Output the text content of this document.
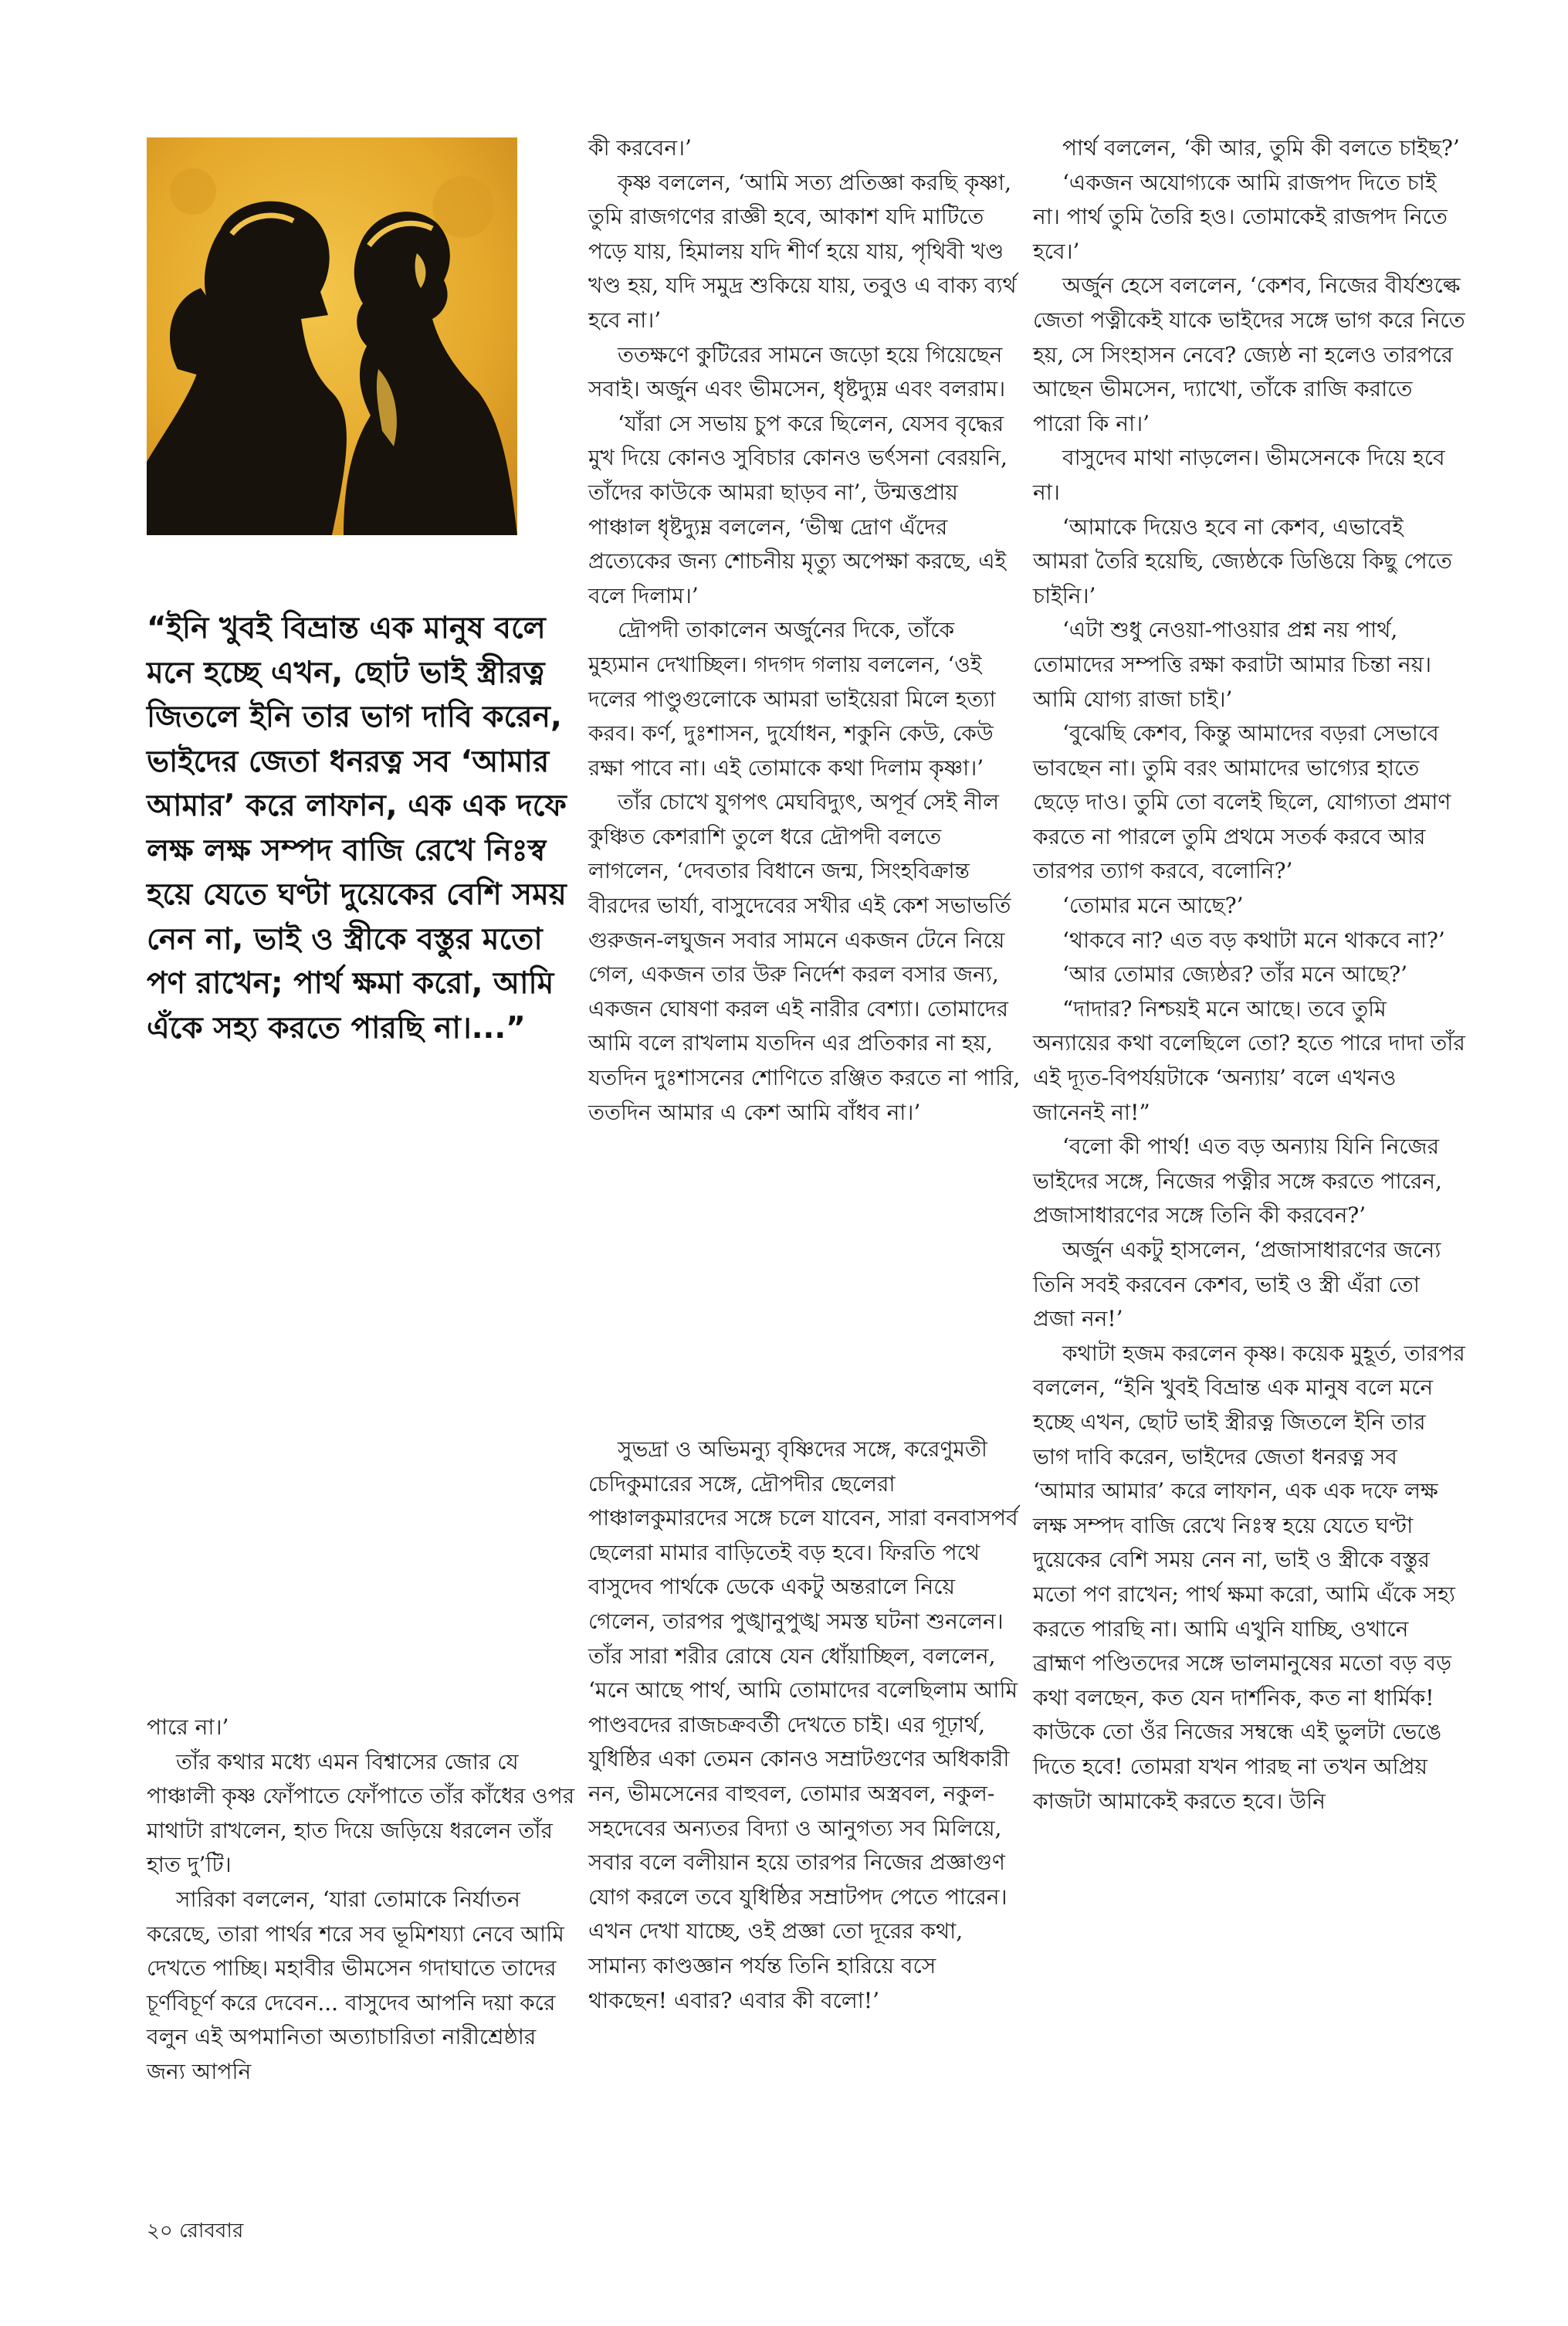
“ইনি খুবই বিভ্রান্ত এক মানুষ বলে মনে হচ্ছে এখন, ছোট ভাই স্ত্রীরত্ন জিতলে ইনি তার ভাগ দাবি করেন, ভাইদের জেতা ধনরত্ন সব ‘আমার আমার’ করে লাফান, এক এক দফে লক্ষ লক্ষ সম্পদ বাজি রেখে নিঃস্ব হয়ে যেতে ঘণ্টা দুয়েকের বেশি সময় নেন না, ভাই ও স্ত্রীকে বস্তুর মতো পণ রাখেন; পার্থ ক্ষমা করো, আমি এঁকে সহ্য করতে পারছি না।...”

পারে না।’

তাঁর কথার মধ্যে এমন বিশ্বাসের জোর যে পাঞ্চালী কৃষ্ণ ফোঁপাতে ফোঁপাতে তাঁর কাঁধের ওপর মাথাটা রাখলেন, হাত দিয়ে জড়িয়ে ধরলেন তাঁর হাত দু’টি।

সারিকা বললেন, ‘যারা তোমাকে নির্যাতন করেছে, তারা পার্থর শরে সব ভূমিশয্যা নেবে আমি দেখতে পাচ্ছি। মহাবীর ভীমসেন গদাঘাতে তাদের চূর্ণবিচূর্ণ করে দেবেন... বাসুদেব আপনি দয়া করে বলুন এই অপমানিতা অত্যাচারিতা নারীশ্রেষ্ঠার জন্য আপনি

কী করবেন।’

কৃষ্ণ বললেন, ‘আমি সত্য প্রতিজ্ঞা করছি কৃষ্ণা, তুমি রাজগণের রাজ্ঞী হবে, আকাশ যদি মাটিতে পড়ে যায়, হিমালয় যদি শীর্ণ হয়ে যায়, পৃথিবী খণ্ড খণ্ড হয়, যদি সমুদ্র শুকিয়ে যায়, তবুও এ বাক্য ব্যর্থ হবে না।’

ততক্ষণে কুটিরের সামনে জড়ো হয়ে গিয়েছেন সবাই। অর্জুন এবং ভীমসেন, ধৃষ্টদ্যুম্ন এবং বলরাম।

‘যাঁরা সে সভায় চুপ করে ছিলেন, যেসব বৃদ্ধের মুখ দিয়ে কোনও সুবিচার কোনও ভর্ৎসনা বেরয়নি, তাঁদের কাউকে আমরা ছাড়ব না’, উন্মত্তপ্রায় পাঞ্চাল ধৃষ্টদ্যুম্ন বললেন, ‘ভীষ্ম দ্রোণ এঁদের প্রত্যেকের জন্য শোচনীয় মৃত্যু অপেক্ষা করছে, এই বলে দিলাম।’

দ্রৌপদী তাকালেন অর্জুনের দিকে, তাঁকে মুহ্যমান দেখাচ্ছিল। গদগদ গলায় বললেন, ‘ওই দলের পাণ্ডুগুলোকে আমরা ভাইয়েরা মিলে হত্যা করব। কর্ণ, দুঃশাসন, দুর্যোধন, শকুনি কেউ, কেউ রক্ষা পাবে না। এই তোমাকে কথা দিলাম কৃষ্ণা।’

তাঁর চোখে যুগপৎ মেঘবিদ্যুৎ, অপূর্ব সেই নীল কুঞ্চিত কেশরাশি তুলে ধরে দ্রৌপদী বলতে লাগলেন, ‘দেবতার বিধানে জন্ম, সিংহবিক্রান্ত বীরদের ভার্যা, বাসুদেবের সখীর এই কেশ সভাভর্তি গুরুজন-লঘুজন সবার সামনে একজন টেনে নিয়ে গেল, একজন তার উরু নির্দেশ করল বসার জন্য, একজন ঘোষণা করল এই নারীর বেশ্যা। তোমাদের আমি বলে রাখলাম যতদিন এর প্রতিকার না হয়, যতদিন দুঃশাসনের শোণিতে রঞ্জিত করতে না পারি, ততদিন আমার এ কেশ আমি বাঁধব না।’

সুভদ্রা ও অভিমন্যু বৃষ্ণিদের সঙ্গে, করেণুমতী চেদিকুমারের সঙ্গে, দ্রৌপদীর ছেলেরা পাঞ্চালকুমারদের সঙ্গে চলে যাবেন, সারা বনবাসপর্ব ছেলেরা মামার বাড়িতেই বড় হবে। ফিরতি পথে বাসুদেব পার্থকে ডেকে একটু অন্তরালে নিয়ে গেলেন, তারপর পুঙ্খানুপুঙ্খ সমস্ত ঘটনা শুনলেন। তাঁর সারা শরীর রোষে যেন ধোঁয়াচ্ছিল, বললেন, ‘মনে আছে পার্থ, আমি তোমাদের বলেছিলাম আমি পাণ্ডবদের রাজচক্রবর্তী দেখতে চাই। এর গূঢ়ার্থ, যুধিষ্ঠির একা তেমন কোনও সম্রাটগুণের অধিকারী নন, ভীমসেনের বাহুবল, তোমার অস্ত্রবল, নকুল-সহদেবের অন্যতর বিদ্যা ও আনুগত্য সব মিলিয়ে, সবার বলে বলীয়ান হয়ে তারপর নিজের প্রজ্ঞাগুণ যোগ করলে তবে যুধিষ্ঠির সম্রাটপদ পেতে পারেন। এখন দেখা যাচ্ছে, ওই প্রজ্ঞা তো দূরের কথা, সামান্য কাণ্ডজ্ঞান পর্যন্ত তিনি হারিয়ে বসে থাকছেন! এবার? এবার কী বলো!’

পার্থ বললেন, ‘কী আর, তুমি কী বলতে চাইছ?’

‘একজন অযোগ্যকে আমি রাজপদ দিতে চাই না। পার্থ তুমি তৈরি হও। তোমাকেই রাজপদ নিতে হবে।’

অর্জুন হেসে বললেন, ‘কেশব, নিজের বীর্যশুল্কে জেতা পত্নীকেই যাকে ভাইদের সঙ্গে ভাগ করে নিতে হয়, সে সিংহাসন নেবে? জ্যেষ্ঠ না হলেও তারপরে আছেন ভীমসেন, দ্যাখো, তাঁকে রাজি করাতে পারো কি না।’

বাসুদেব মাথা নাড়লেন। ভীমসেনকে দিয়ে হবে না।

‘আমাকে দিয়েও হবে না কেশব, এভাবেই আমরা তৈরি হয়েছি, জ্যেষ্ঠকে ডিঙিয়ে কিছু পেতে চাইনি।’

‘এটা শুধু নেওয়া-পাওয়ার প্রশ্ন নয় পার্থ, তোমাদের সম্পত্তি রক্ষা করাটা আমার চিন্তা নয়। আমি যোগ্য রাজা চাই।’

‘বুঝেছি কেশব, কিন্তু আমাদের বড়রা সেভাবে ভাবছেন না। তুমি বরং আমাদের ভাগ্যের হাতে ছেড়ে দাও। তুমি তো বলেই ছিলে, যোগ্যতা প্রমাণ করতে না পারলে তুমি প্রথমে সতর্ক করবে আর তারপর ত্যাগ করবে, বলোনি?’

‘তোমার মনে আছে?’

‘থাকবে না? এত বড় কথাটা মনে থাকবে না?’

‘আর তোমার জ্যেষ্ঠর? তাঁর মনে আছে?’

“দাদার? নিশ্চয়ই মনে আছে। তবে তুমি অন্যায়ের কথা বলেছিলে তো? হতে পারে দাদা তাঁর এই দ্যূত-বিপর্যয়টাকে ‘অন্যায়’ বলে এখনও জানেনই না!”

‘বলো কী পার্থ! এত বড় অন্যায় যিনি নিজের ভাইদের সঙ্গে, নিজের পত্নীর সঙ্গে করতে পারেন, প্রজাসাধারণের সঙ্গে তিনি কী করবেন?’

অর্জুন একটু হাসলেন, ‘প্রজাসাধারণের জন্যে তিনি সবই করবেন কেশব, ভাই ও স্ত্রী এঁরা তো প্রজা নন!’

কথাটা হজম করলেন কৃষ্ণ। কয়েক মুহূর্ত, তারপর বললেন, “ইনি খুবই বিভ্রান্ত এক মানুষ বলে মনে হচ্ছে এখন, ছোট ভাই স্ত্রীরত্ন জিতলে ইনি তার ভাগ দাবি করেন, ভাইদের জেতা ধনরত্ন সব ‘আমার আমার’ করে লাফান, এক এক দফে লক্ষ লক্ষ সম্পদ বাজি রেখে নিঃস্ব হয়ে যেতে ঘণ্টা দুয়েকের বেশি সময় নেন না, ভাই ও স্ত্রীকে বস্তুর মতো পণ রাখেন; পার্থ ক্ষমা করো, আমি এঁকে সহ্য করতে পারছি না। আমি এখুনি যাচ্ছি, ওখানে ব্রাহ্মণ পণ্ডিতদের সঙ্গে ভালমানুষের মতো বড় বড় কথা বলছেন, কত যেন দার্শনিক, কত না ধার্মিক! কাউকে তো ওঁর নিজের সম্বন্ধে এই ভুলটা ভেঙে দিতে হবে! তোমরা যখন পারছ না তখন অপ্রিয় কাজটা আমাকেই করতে হবে। উনি

২০ রোববার
